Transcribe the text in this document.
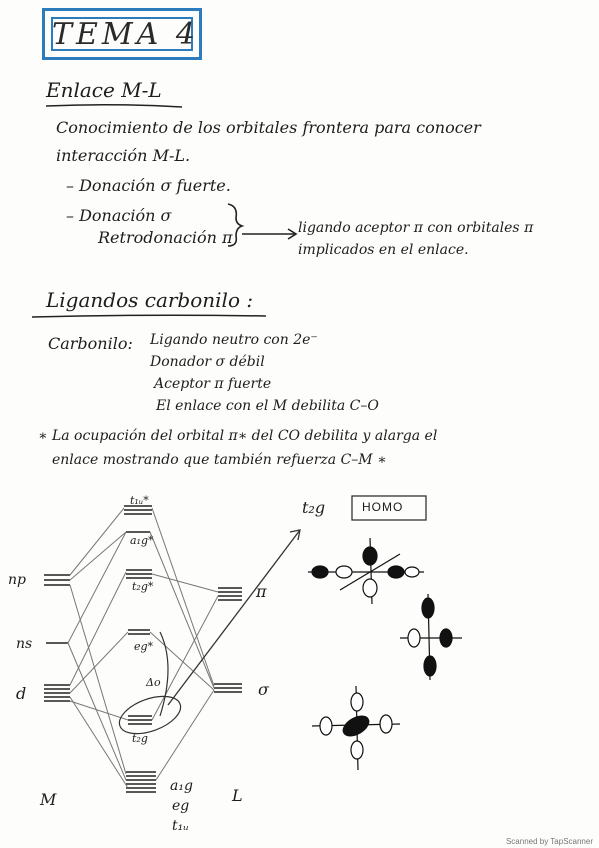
TEMA 4
Enlace M-L
Conocimiento de los orbitales frontera para conocer
interacción M-L.
– Donación σ fuerte.
– Donación σ
Retrodonación π	ligando aceptor π con orbitales π
implicados en el enlace.
Ligandos carbonilo :
Carbonilo: Ligando neutro con 2e⁻
Donador σ débil
Aceptor π fuerte
El enlace con el M debilita C–O
∗ La ocupación del orbital π∗ del CO debilita y alarga el
enlace mostrando que también refuerza C–M ∗
np
ns
d
M
π
σ
L
t₁ᵤ*
a₁g*
t₂g*
eg*
Δo
t₂g
a₁g
eg
t₁ᵤ
t₂g	HOMO
Scanned by TapScanner
